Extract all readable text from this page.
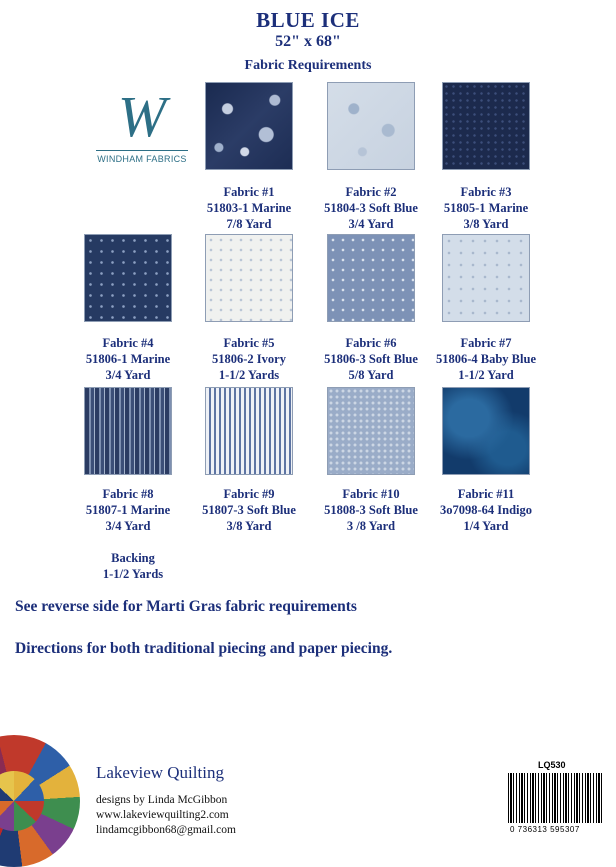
BLUE ICE
52" x 68"
Fabric Requirements
W
WINDHAM FABRICS
Fabric #1
51803-1 Marine
7/8 Yard
Fabric #2
51804-3 Soft Blue
3/4 Yard
Fabric #3
51805-1 Marine
3/8 Yard
Fabric #4
51806-1 Marine
3/4 Yard
Fabric #5
51806-2 Ivory
1-1/2 Yards
Fabric #6
51806-3 Soft Blue
5/8 Yard
Fabric #7
51806-4 Baby Blue
1-1/2 Yard
Fabric #8
51807-1 Marine
3/4 Yard
Fabric #9
51807-3 Soft Blue
3/8 Yard
Fabric #10
51808-3 Soft Blue
3 /8 Yard
Fabric #11
3o7098-64 Indigo
1/4 Yard
Backing
1-1/2 Yards
See reverse side for Marti Gras fabric requirements
Directions for both traditional piecing and paper piecing.
Lakeview Quilting
designs by Linda McGibbon
www.lakeviewquilting2.com
lindamcgibbon68@gmail.com
LQ530
0 736313 595307
